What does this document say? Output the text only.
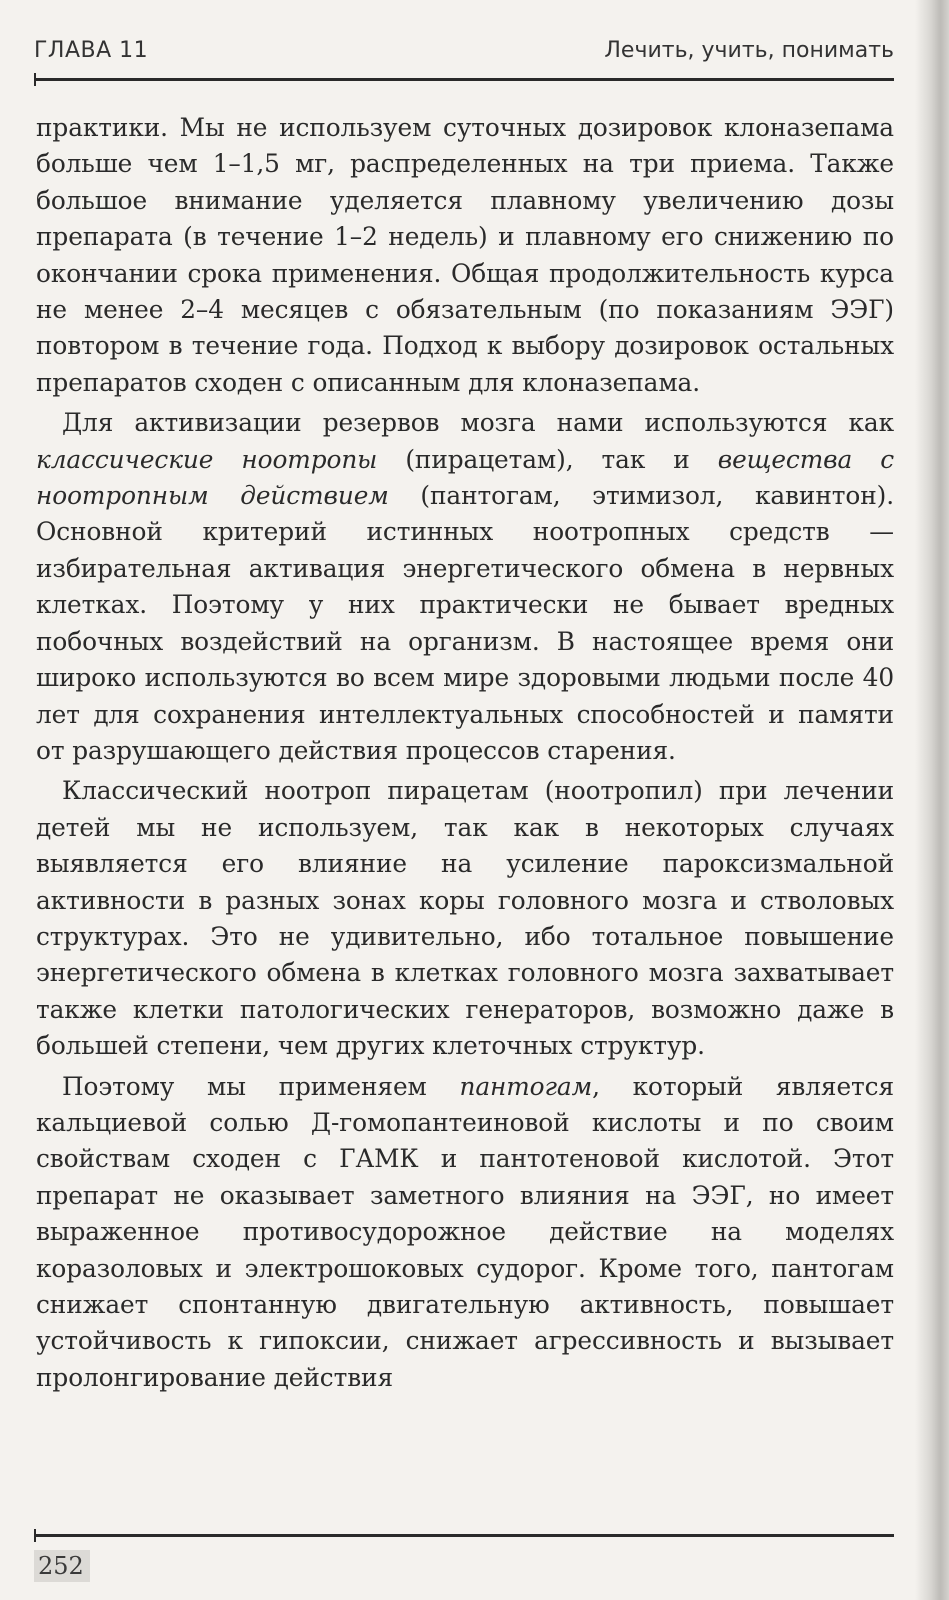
ГЛАВА 11	Лечить, учить, понимать

практики. Мы не используем суточных дозировок клоназепама больше чем 1–1,5 мг, распределенных на три приема. Также большое внимание уделяется плавному увеличению дозы препарата (в течение 1–2 недель) и плавному его снижению по окончании срока применения. Общая продолжительность курса не менее 2–4 месяцев с обязательным (по показаниям ЭЭГ) повтором в течение года. Подход к выбору дозировок остальных препаратов сходен с описанным для клоназепама.

Для активизации резервов мозга нами используются как классические ноотропы (пирацетам), так и вещества с ноотропным действием (пантогам, этимизол, кавинтон). Основной критерий истинных ноотропных средств — избирательная активация энергетического обмена в нервных клетках. Поэтому у них практически не бывает вредных побочных воздействий на организм. В настоящее время они широко используются во всем мире здоровыми людьми после 40 лет для сохранения интеллектуальных способностей и памяти от разрушающего действия процессов старения.

Классический ноотроп пирацетам (ноотропил) при лечении детей мы не используем, так как в некоторых случаях выявляется его влияние на усиление пароксизмальной активности в разных зонах коры головного мозга и стволовых структурах. Это не удивительно, ибо тотальное повышение энергетического обмена в клетках головного мозга захватывает также клетки патологических генераторов, возможно даже в большей степени, чем других клеточных структур.

Поэтому мы применяем пантогам, который является кальциевой солью Д-гомопантеиновой кислоты и по своим свойствам сходен с ГАМК и пантотеновой кислотой. Этот препарат не оказывает заметного влияния на ЭЭГ, но имеет выраженное противосудорожное действие на моделях коразоловых и электрошоковых судорог. Кроме того, пантогам снижает спонтанную двигательную активность, повышает устойчивость к гипоксии, снижает агрессивность и вызывает пролонгирование действия

252
